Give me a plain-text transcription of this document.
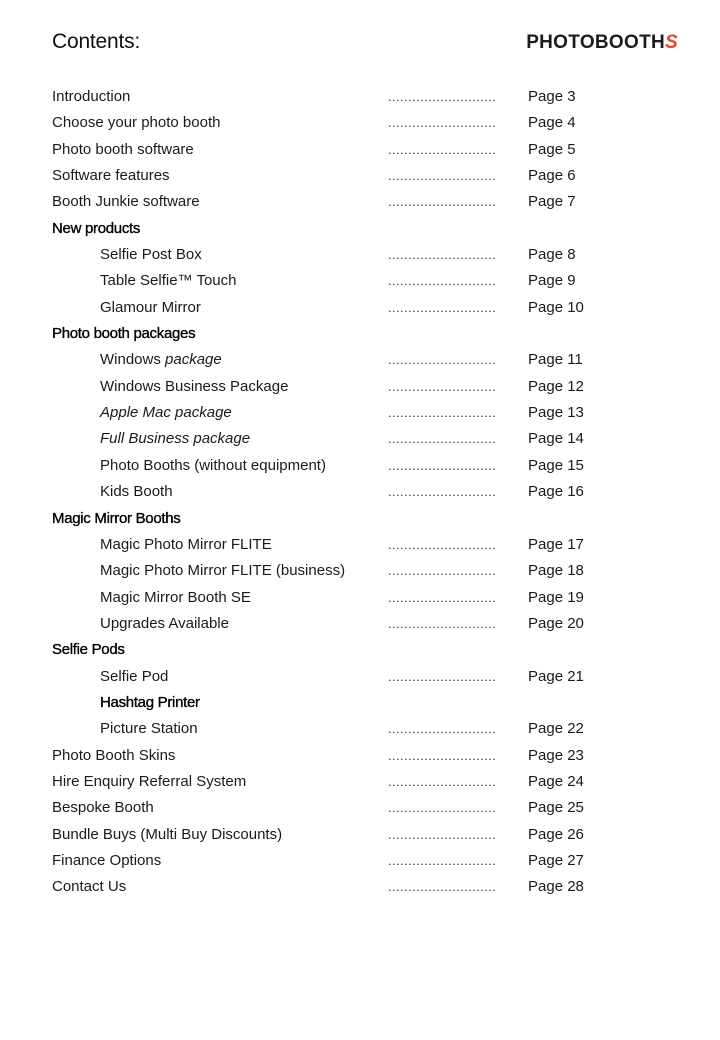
Contents:	PHOTOBOOTHS
Introduction	........................... Page 3
Choose your photo booth	........................... Page 4
Photo booth software	........................... Page 5
Software features	........................... Page 6
Booth Junkie software	........................... Page 7
New products
Selfie Post Box	........................... Page 8
Table Selfie™ Touch	........................... Page 9
Glamour Mirror	........................... Page 10
Photo booth packages
Windows package	........................... Page 11
Windows Business Package	........................... Page 12
Apple Mac package	........................... Page 13
Full Business package	........................... Page 14
Photo Booths (without equipment)	........................... Page 15
Kids Booth	........................... Page 16
Magic Mirror Booths
Magic Photo Mirror FLITE	........................... Page 17
Magic Photo Mirror FLITE (business)	........................... Page 18
Magic Mirror Booth SE	........................... Page 19
Upgrades Available	........................... Page 20
Selfie Pods
Selfie Pod	........................... Page 21
Hashtag Printer
Picture Station	........................... Page 22
Photo Booth Skins	........................... Page 23
Hire Enquiry Referral System	........................... Page 24
Bespoke Booth	........................... Page 25
Bundle Buys (Multi Buy Discounts)	........................... Page 26
Finance Options	........................... Page 27
Contact Us	........................... Page 28
